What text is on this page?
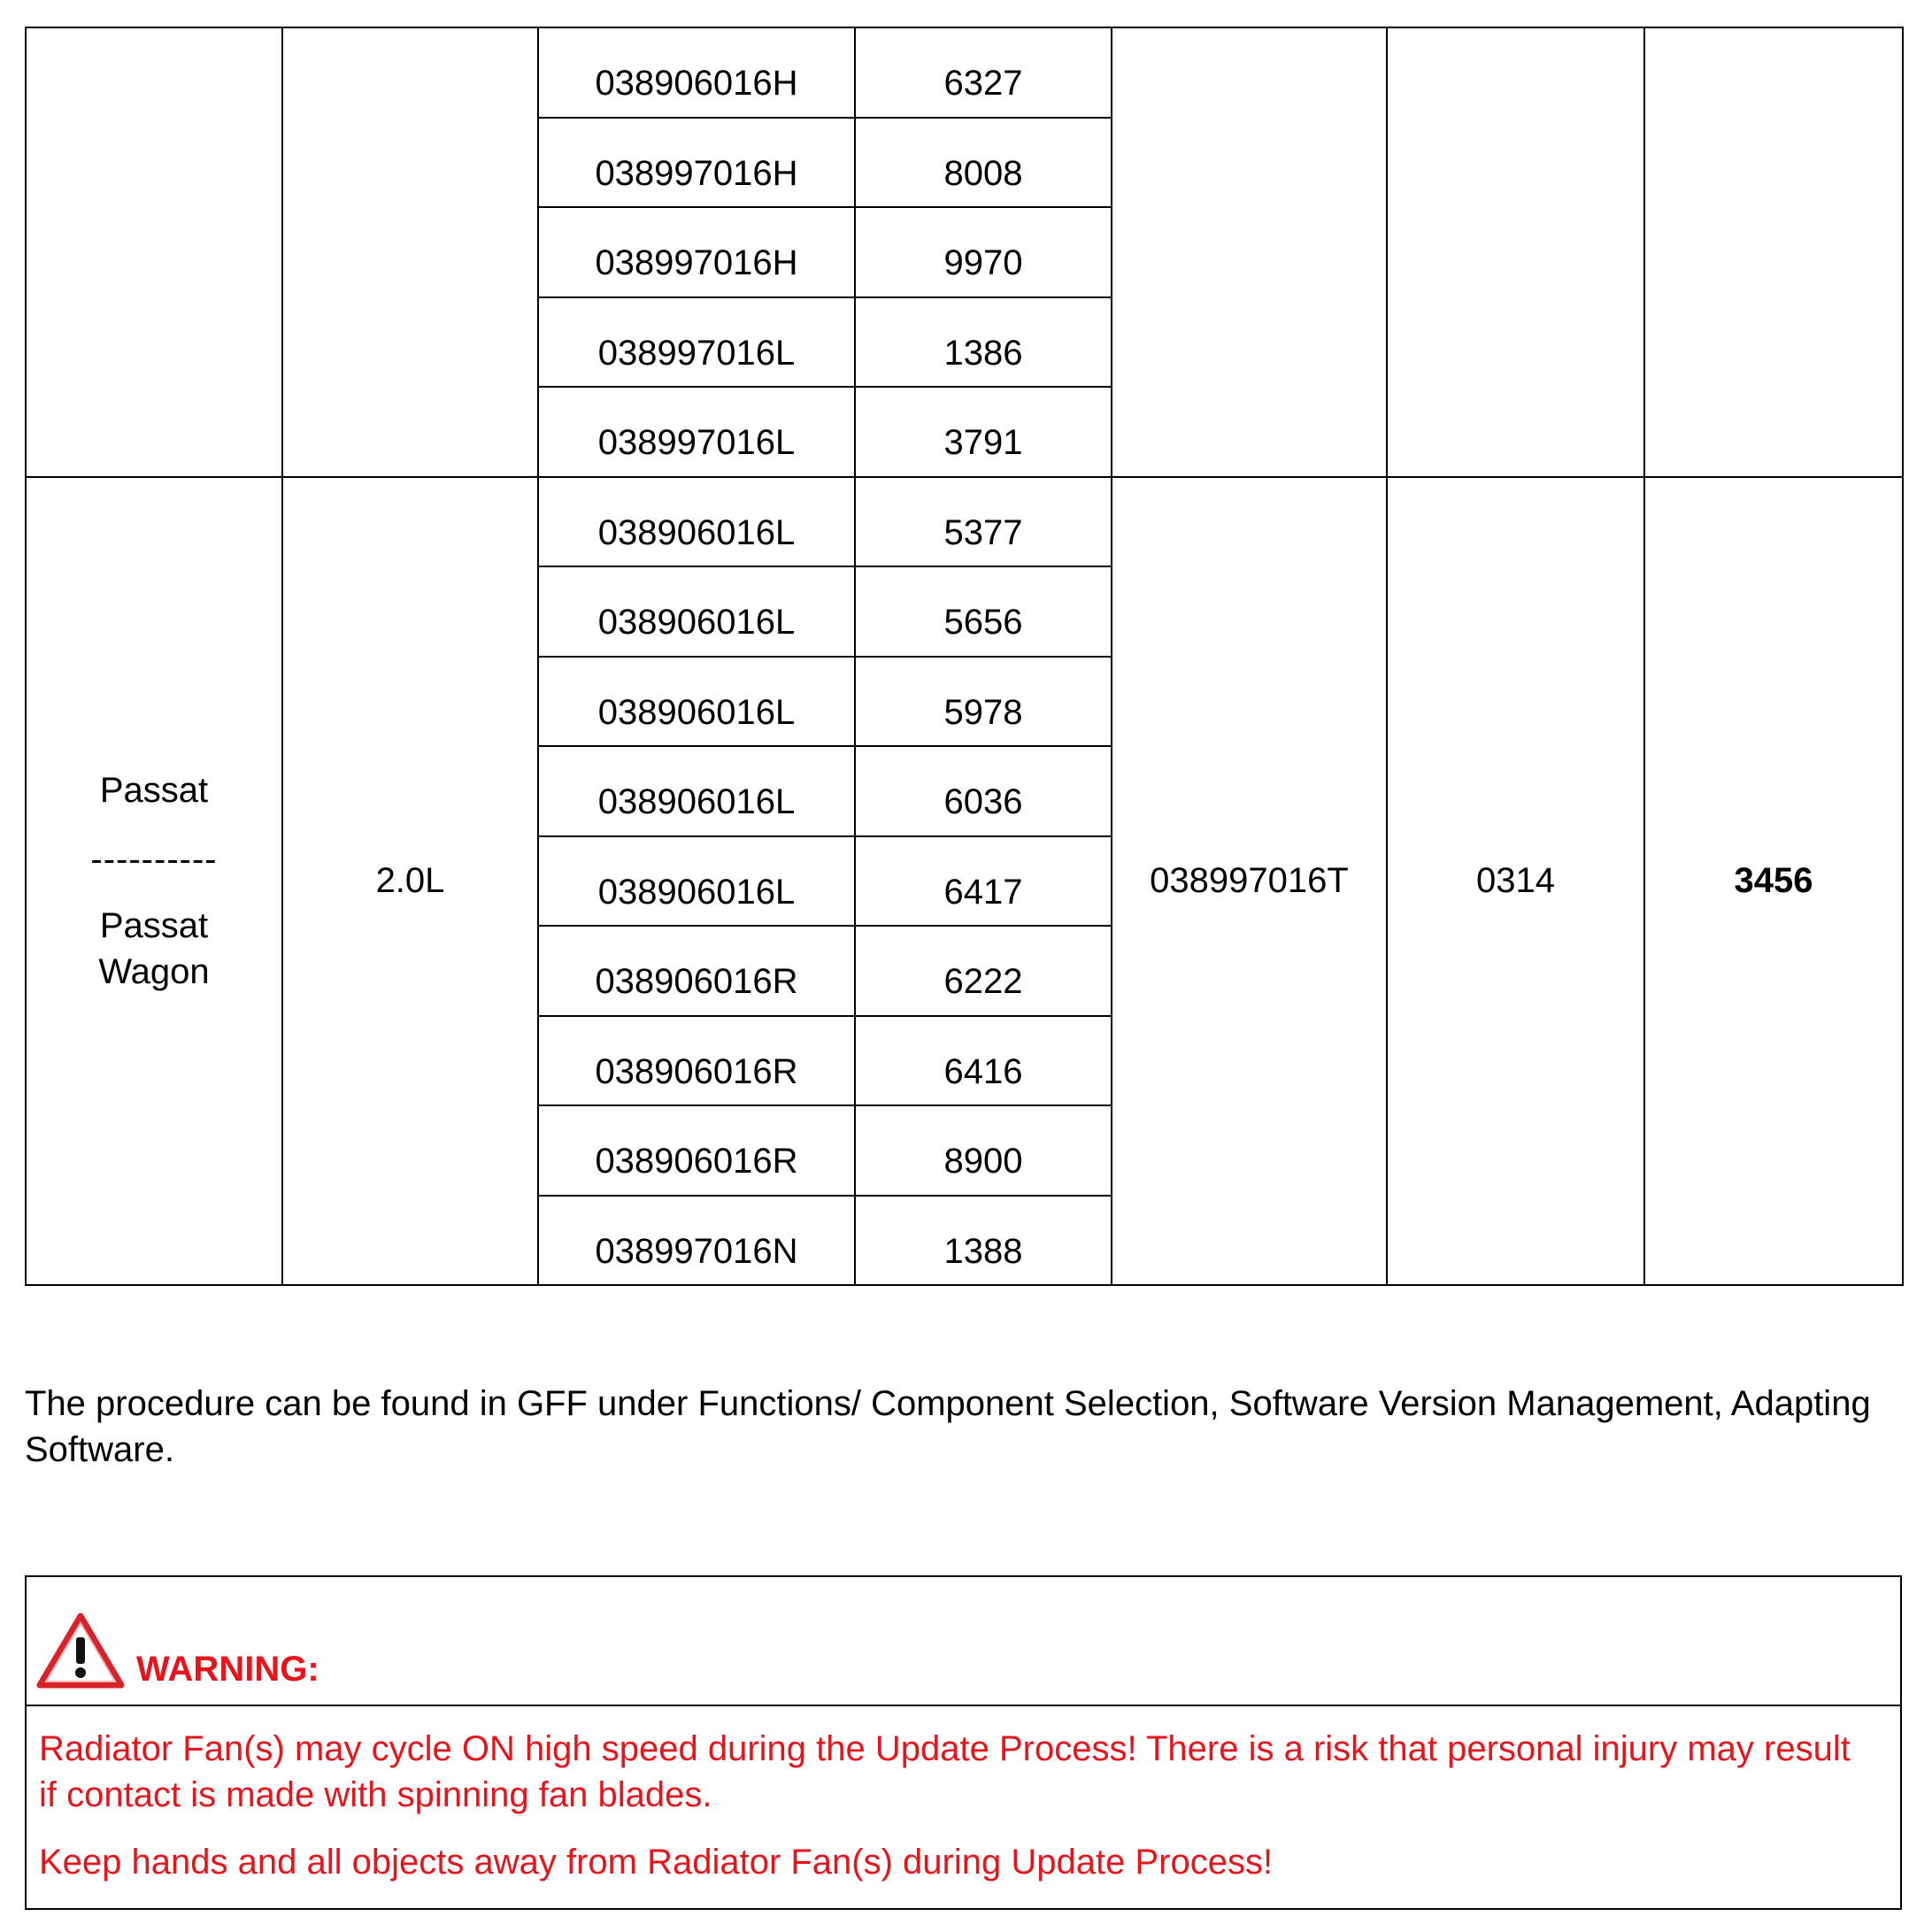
		038906016H	6327			
		038997016H	8008			
		038997016H	9970			
		038997016L	1386			
		038997016L	3791			

Passat
----------
Passat
Wagon	2.0L	038906016L	5377	038997016T	0314	3456
		038906016L	5656			
		038906016L	5978			
		038906016L	6036			
		038906016L	6417			
		038906016R	6222			
		038906016R	6416			
		038906016R	8900			
		038997016N	1388			
The procedure can be found in GFF under Functions/ Component Selection, Software Version Management, Adapting Software.
WARNING:

Radiator Fan(s) may cycle ON high speed during the Update Process! There is a risk that personal injury may result if contact is made with spinning fan blades.

Keep hands and all objects away from Radiator Fan(s) during Update Process!
